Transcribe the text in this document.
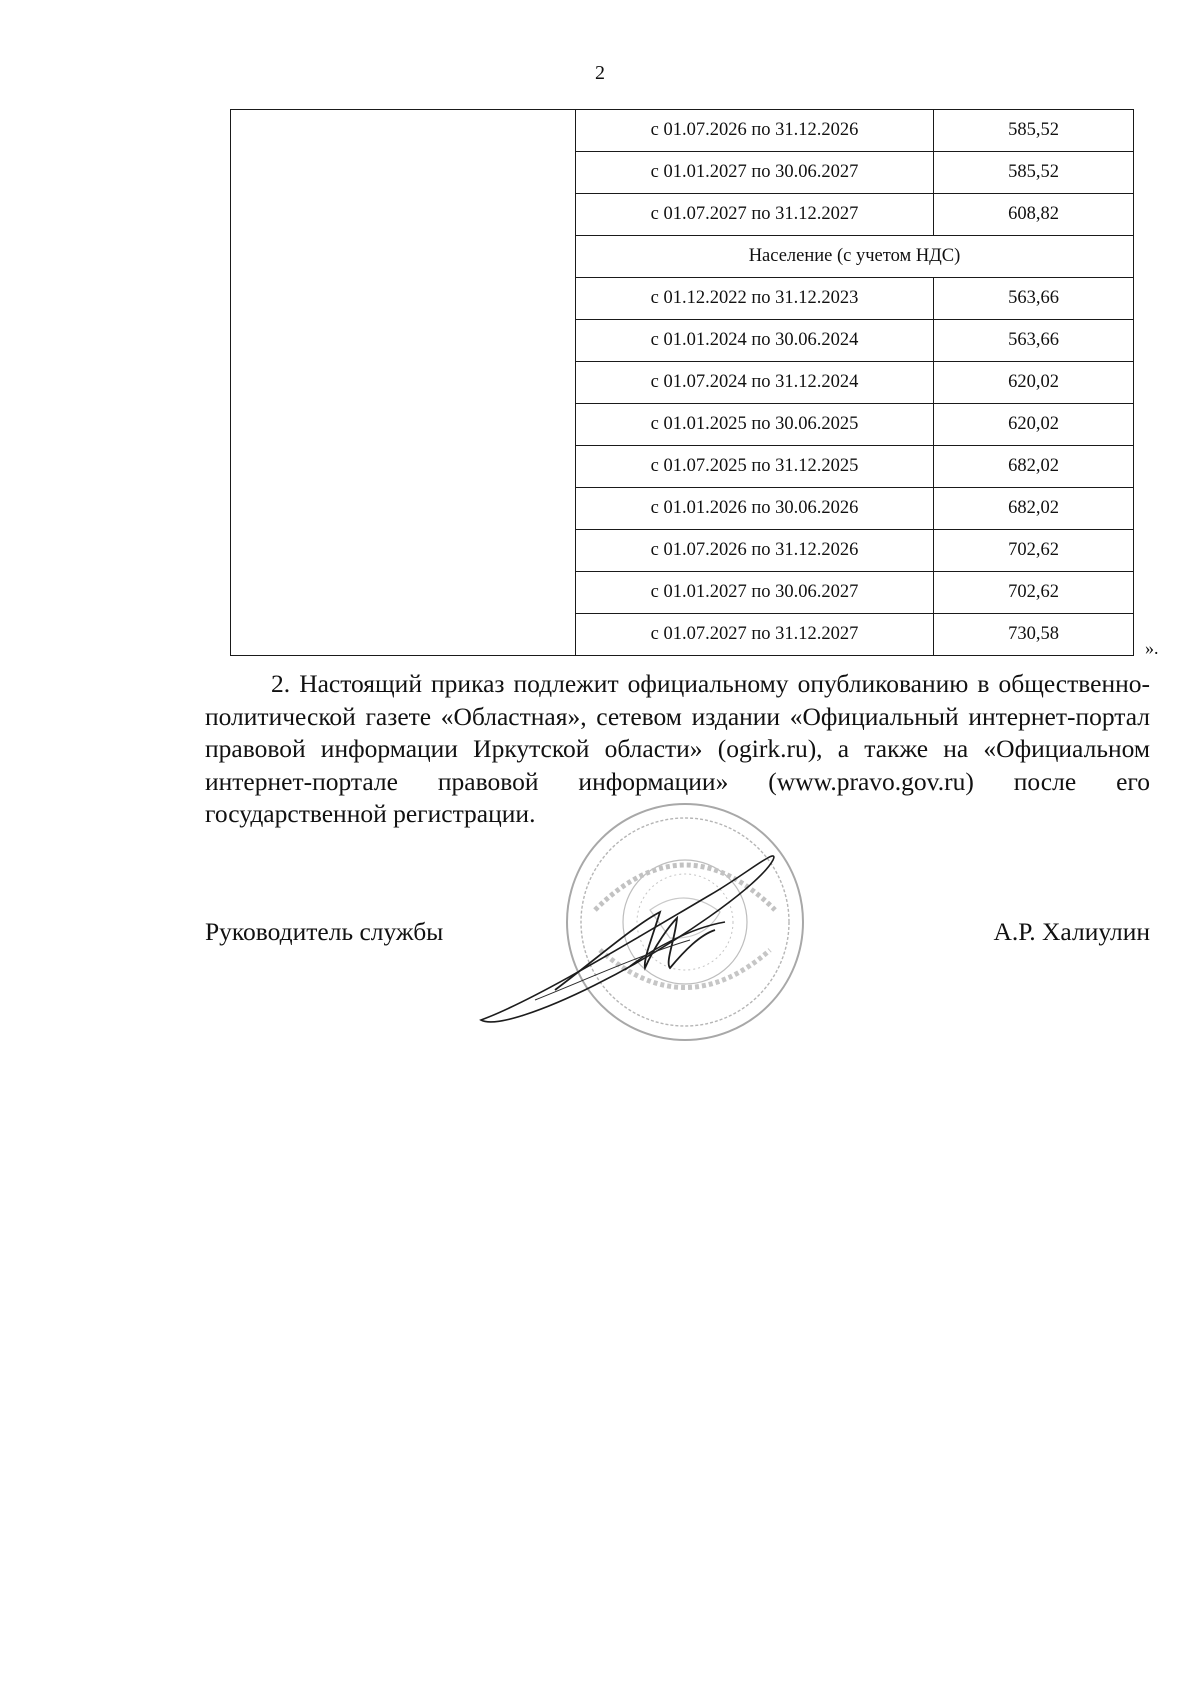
2
	с 01.07.2026 по 31.12.2026	585,52
	с 01.01.2027 по 30.06.2027	585,52
	с 01.07.2027 по 31.12.2027	608,82
	Население (с учетом НДС)	
	с 01.12.2022 по 31.12.2023	563,66
	с 01.01.2024 по 30.06.2024	563,66
	с 01.07.2024 по 31.12.2024	620,02
	с 01.01.2025 по 30.06.2025	620,02
	с 01.07.2025 по 31.12.2025	682,02
	с 01.01.2026 по 30.06.2026	682,02
	с 01.07.2026 по 31.12.2026	702,62
	с 01.01.2027 по 30.06.2027	702,62
	с 01.07.2027 по 31.12.2027	730,58
».
2. Настоящий приказ подлежит официальному опубликованию в общественно-политической газете «Областная», сетевом издании «Официальный интернет-портал правовой информации Иркутской области» (ogirk.ru), а также на «Официальном интернет-портале правовой информации» (www.pravo.gov.ru) после его государственной регистрации.
Руководитель службы	А.Р. Халиулин
